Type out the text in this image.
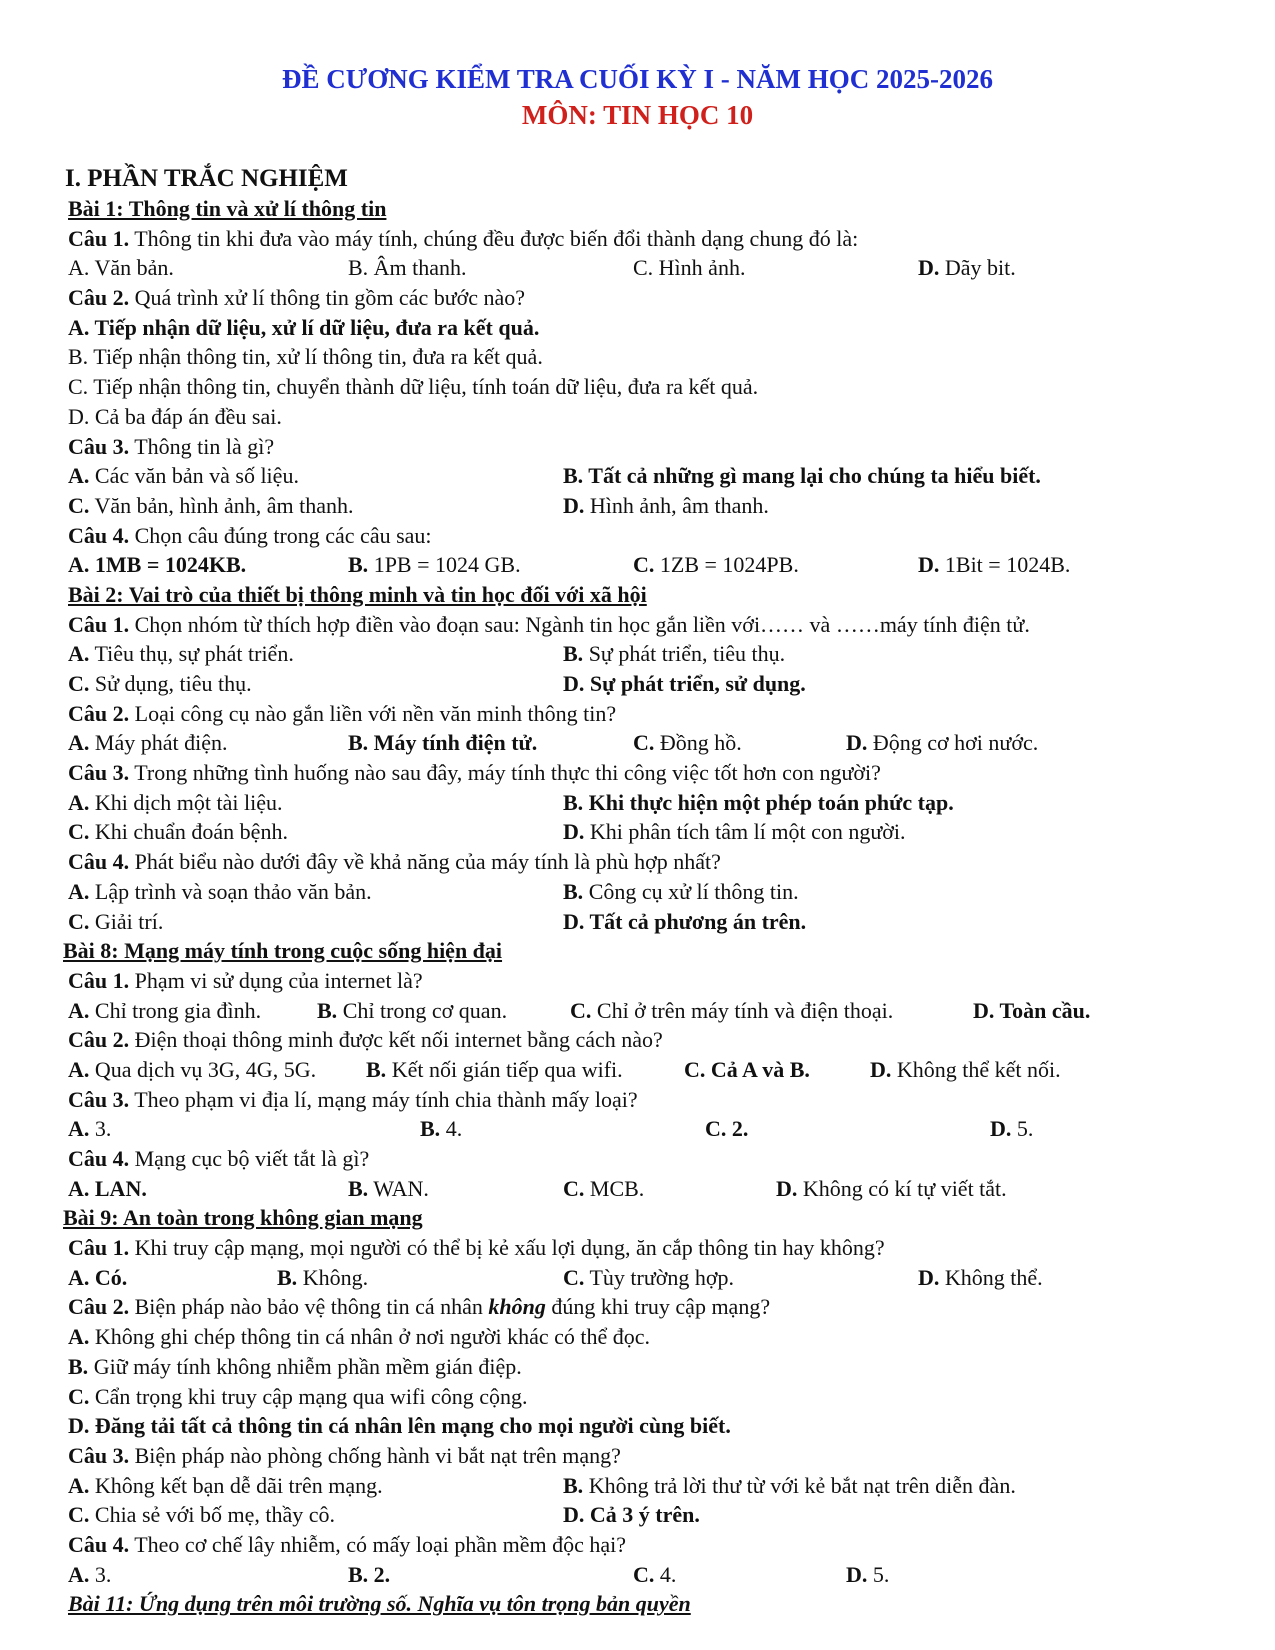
ĐỀ CƯƠNG KIỂM TRA CUỐI KỲ I - NĂM HỌC 2025-2026
MÔN: TIN HỌC 10
I. PHẦN TRẮC NGHIỆM
Bài 1: Thông tin và xử lí thông tin
Câu 1. Thông tin khi đưa vào máy tính, chúng đều được biến đổi thành dạng chung đó là:
A. Văn bản.	B. Âm thanh.	C. Hình ảnh.	D. Dãy bit.
Câu 2. Quá trình xử lí thông tin gồm các bước nào?
A. Tiếp nhận dữ liệu, xử lí dữ liệu, đưa ra kết quả.
B. Tiếp nhận thông tin, xử lí thông tin, đưa ra kết quả.
C. Tiếp nhận thông tin, chuyển thành dữ liệu, tính toán dữ liệu, đưa ra kết quả.
D. Cả ba đáp án đều sai.
Câu 3. Thông tin là gì?
A. Các văn bản và số liệu.	B. Tất cả những gì mang lại cho chúng ta hiểu biết.
C. Văn bản, hình ảnh, âm thanh.	D. Hình ảnh, âm thanh.
Câu 4. Chọn câu đúng trong các câu sau:
A. 1MB = 1024KB.	B. 1PB = 1024 GB.	C. 1ZB = 1024PB.	D. 1Bit = 1024B.
Bài 2: Vai trò của thiết bị thông minh và tin học đối với xã hội
Câu 1. Chọn nhóm từ thích hợp điền vào đoạn sau: Ngành tin học gắn liền với…… và ……máy tính điện tử.
A. Tiêu thụ, sự phát triển.	B. Sự phát triển, tiêu thụ.
C. Sử dụng, tiêu thụ.	D. Sự phát triển, sử dụng.
Câu 2. Loại công cụ nào gắn liền với nền văn minh thông tin?
A. Máy phát điện.	B. Máy tính điện tử.	C. Đồng hồ.	D. Động cơ hơi nước.
Câu 3. Trong những tình huống nào sau đây, máy tính thực thi công việc tốt hơn con người?
A. Khi dịch một tài liệu.	B. Khi thực hiện một phép toán phức tạp.
C. Khi chuẩn đoán bệnh.	D. Khi phân tích tâm lí một con người.
Câu 4. Phát biểu nào dưới đây về khả năng của máy tính là phù hợp nhất?
A. Lập trình và soạn thảo văn bản.	B. Công cụ xử lí thông tin.
C. Giải trí.	D. Tất cả phương án trên.
Bài 8: Mạng máy tính trong cuộc sống hiện đại
Câu 1. Phạm vi sử dụng của internet là?
A. Chỉ trong gia đình.	B. Chỉ trong cơ quan.	C. Chỉ ở trên máy tính và điện thoại.	D. Toàn cầu.
Câu 2. Điện thoại thông minh được kết nối internet bằng cách nào?
A. Qua dịch vụ 3G, 4G, 5G. B. Kết nối gián tiếp qua wifi.	C. Cả A và B.	D. Không thể kết nối.
Câu 3. Theo phạm vi địa lí, mạng máy tính chia thành mấy loại?
A. 3.	B. 4.	C. 2.	D. 5.
Câu 4. Mạng cục bộ viết tắt là gì?
A. LAN.	B. WAN.	C. MCB.	D. Không có kí tự viết tắt.
Bài 9: An toàn trong không gian mạng
Câu 1. Khi truy cập mạng, mọi người có thể bị kẻ xấu lợi dụng, ăn cắp thông tin hay không?
A. Có.	B. Không.	C. Tùy trường hợp.	D. Không thể.
Câu 2. Biện pháp nào bảo vệ thông tin cá nhân không đúng khi truy cập mạng?
A. Không ghi chép thông tin cá nhân ở nơi người khác có thể đọc.
B. Giữ máy tính không nhiễm phần mềm gián điệp.
C. Cẩn trọng khi truy cập mạng qua wifi công cộng.
D. Đăng tải tất cả thông tin cá nhân lên mạng cho mọi người cùng biết.
Câu 3. Biện pháp nào phòng chống hành vi bắt nạt trên mạng?
A. Không kết bạn dễ dãi trên mạng.	B. Không trả lời thư từ với kẻ bắt nạt trên diễn đàn.
C. Chia sẻ với bố mẹ, thầy cô.	D. Cả 3 ý trên.
Câu 4. Theo cơ chế lây nhiễm, có mấy loại phần mềm độc hại?
A. 3.	B. 2.	C. 4.	D. 5.
Bài 11: Ứng dụng trên môi trường số. Nghĩa vụ tôn trọng bản quyền
